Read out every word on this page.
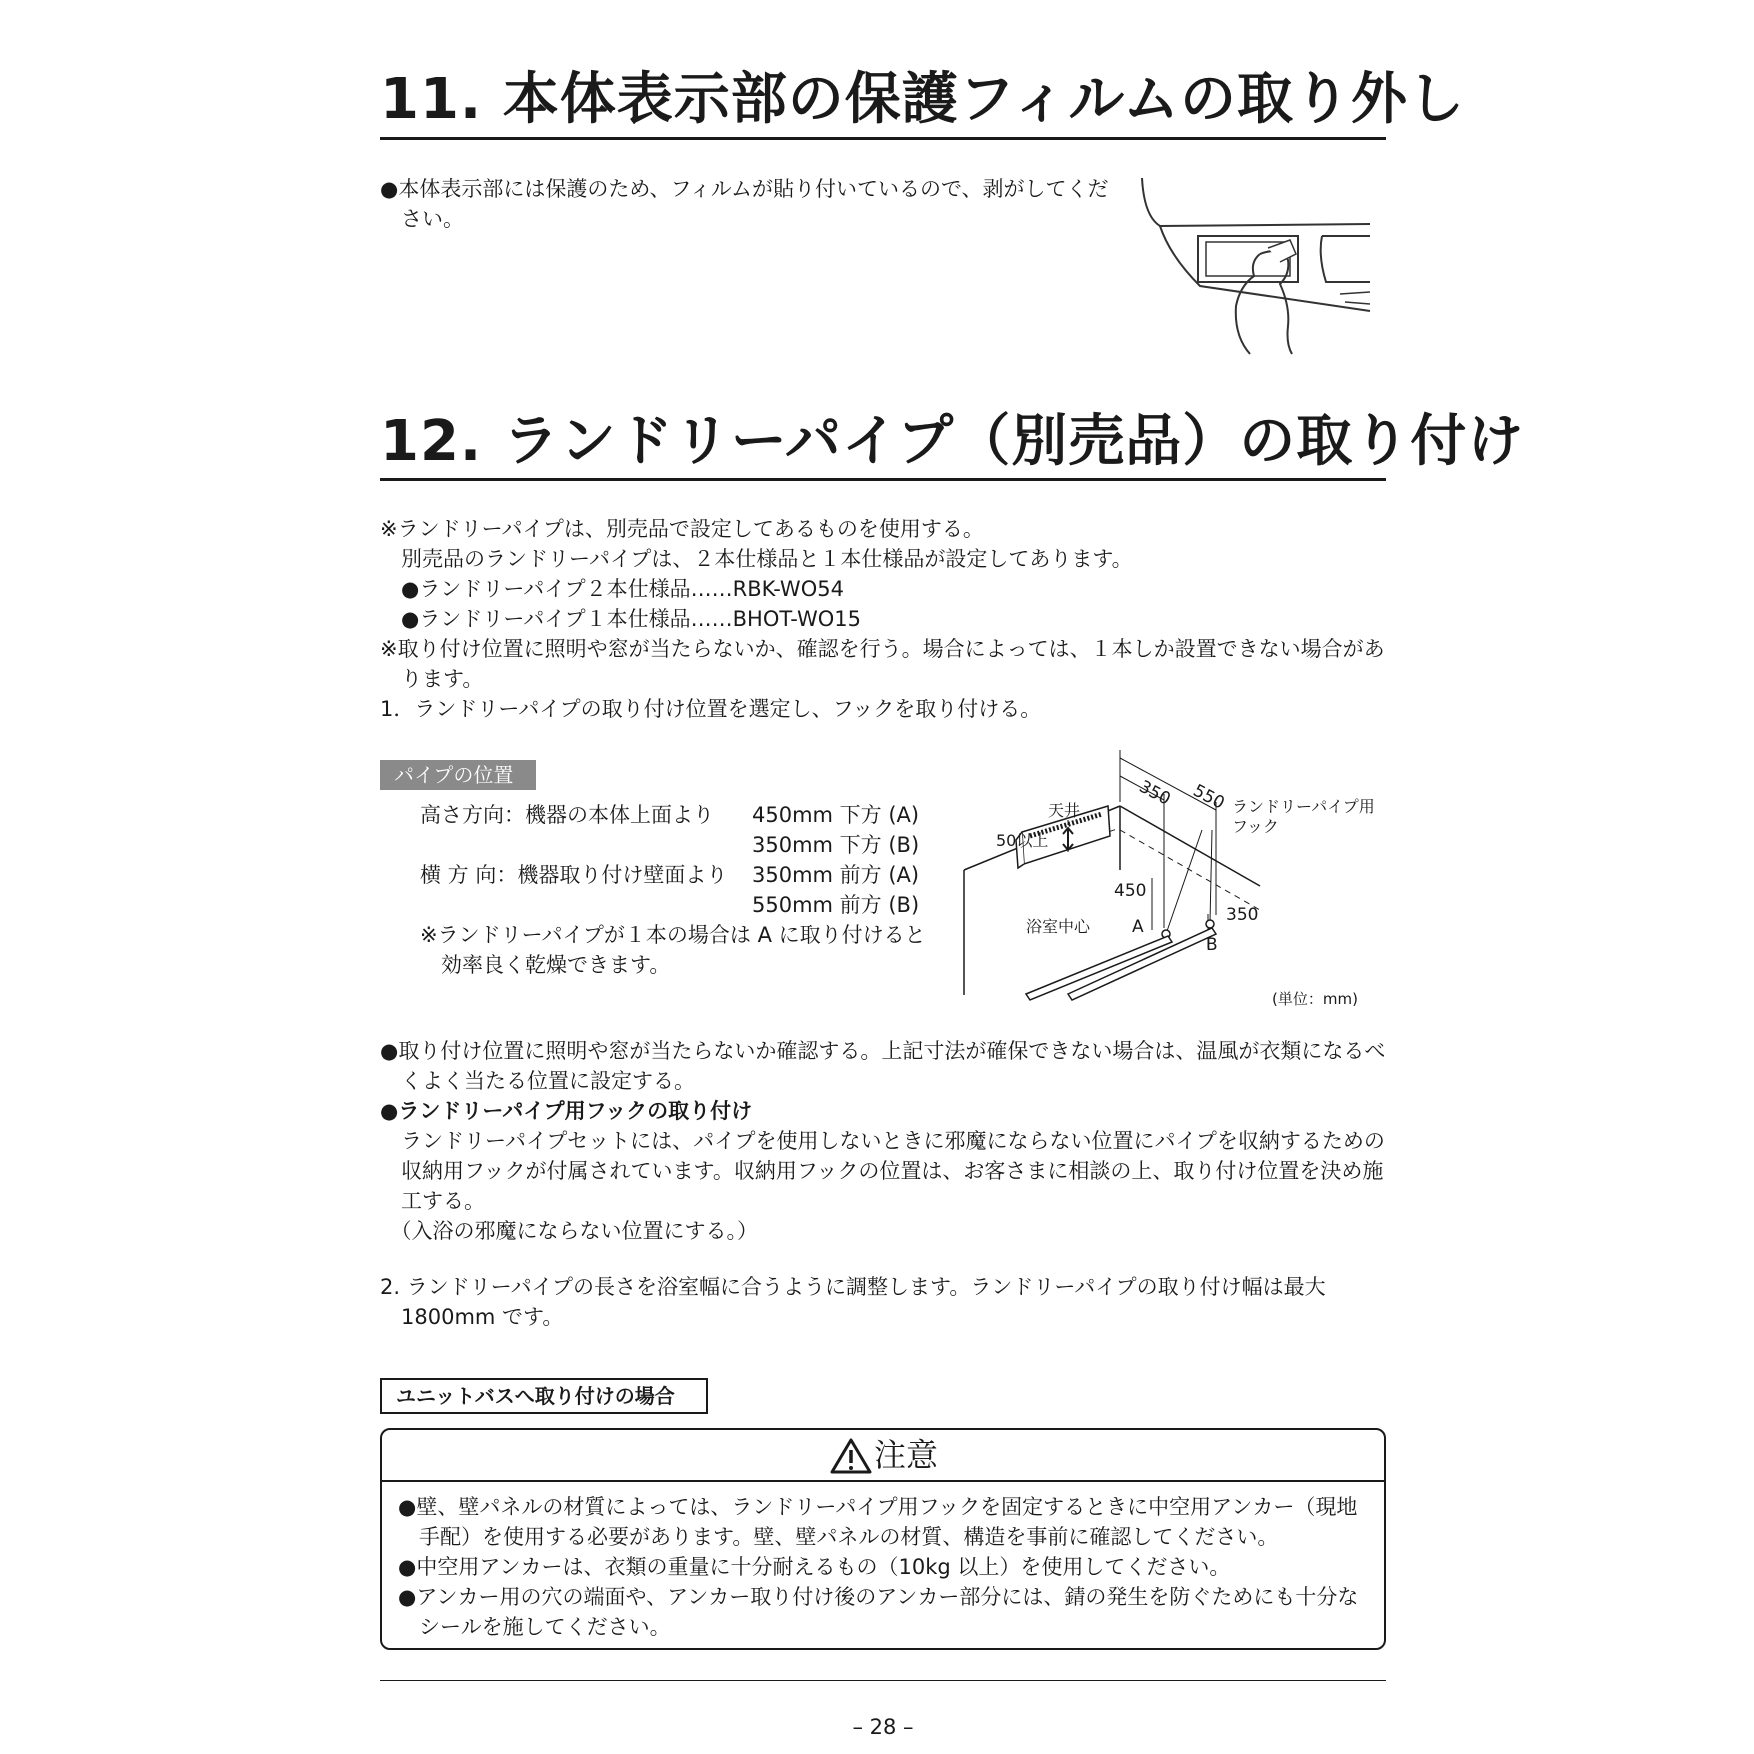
11. 本体表示部の保護フィルムの取り外し
●本体表示部には保護のため、フィルムが貼り付いているので、剥がしてくだ
　さい。
12. ランドリーパイプ（別売品）の取り付け
※ランドリーパイプは、別売品で設定してあるものを使用する。
　別売品のランドリーパイプは、２本仕様品と１本仕様品が設定してあります。
　●ランドリーパイプ２本仕様品……RBK-WO54
　●ランドリーパイプ１本仕様品……BHOT-WO15
※取り付け位置に照明や窓が当たらないか、確認を行う。場合によっては、１本しか設置できない場合があ
　ります。
1．ランドリーパイプの取り付け位置を選定し、フックを取り付ける。
パイプの位置
高さ方向：機器の本体上面より
横 方 向：機器取り付け壁面より
450mm 下方 (A)
350mm 下方 (B)
350mm 前方 (A)
550mm 前方 (B)
※ランドリーパイプが１本の場合は A に取り付けると
　効率良く乾燥できます。
550
350
天井
50以上
ランドリーパイプ用
フック
450
350
浴室中心 A
B
(単位：mm)
●取り付け位置に照明や窓が当たらないか確認する。上記寸法が確保できない場合は、温風が衣類になるべ
　くよく当たる位置に設定する。
●ランドリーパイプ用フックの取り付け
　ランドリーパイプセットには、パイプを使用しないときに邪魔にならない位置にパイプを収納するための
　収納用フックが付属されています。収納用フックの位置は、お客さまに相談の上、取り付け位置を決め施
　工する。
　（入浴の邪魔にならない位置にする。）
2. ランドリーパイプの長さを浴室幅に合うように調整します。ランドリーパイプの取り付け幅は最大
　1800mm です。
ユニットバスへ取り付けの場合
注意
●壁、壁パネルの材質によっては、ランドリーパイプ用フックを固定するときに中空用アンカー（現地
　手配）を使用する必要があります。壁、壁パネルの材質、構造を事前に確認してください。
●中空用アンカーは、衣類の重量に十分耐えるもの（10kg 以上）を使用してください。
●アンカー用の穴の端面や、アンカー取り付け後のアンカー部分には、錆の発生を防ぐためにも十分な
　シールを施してください。
– 28 –
